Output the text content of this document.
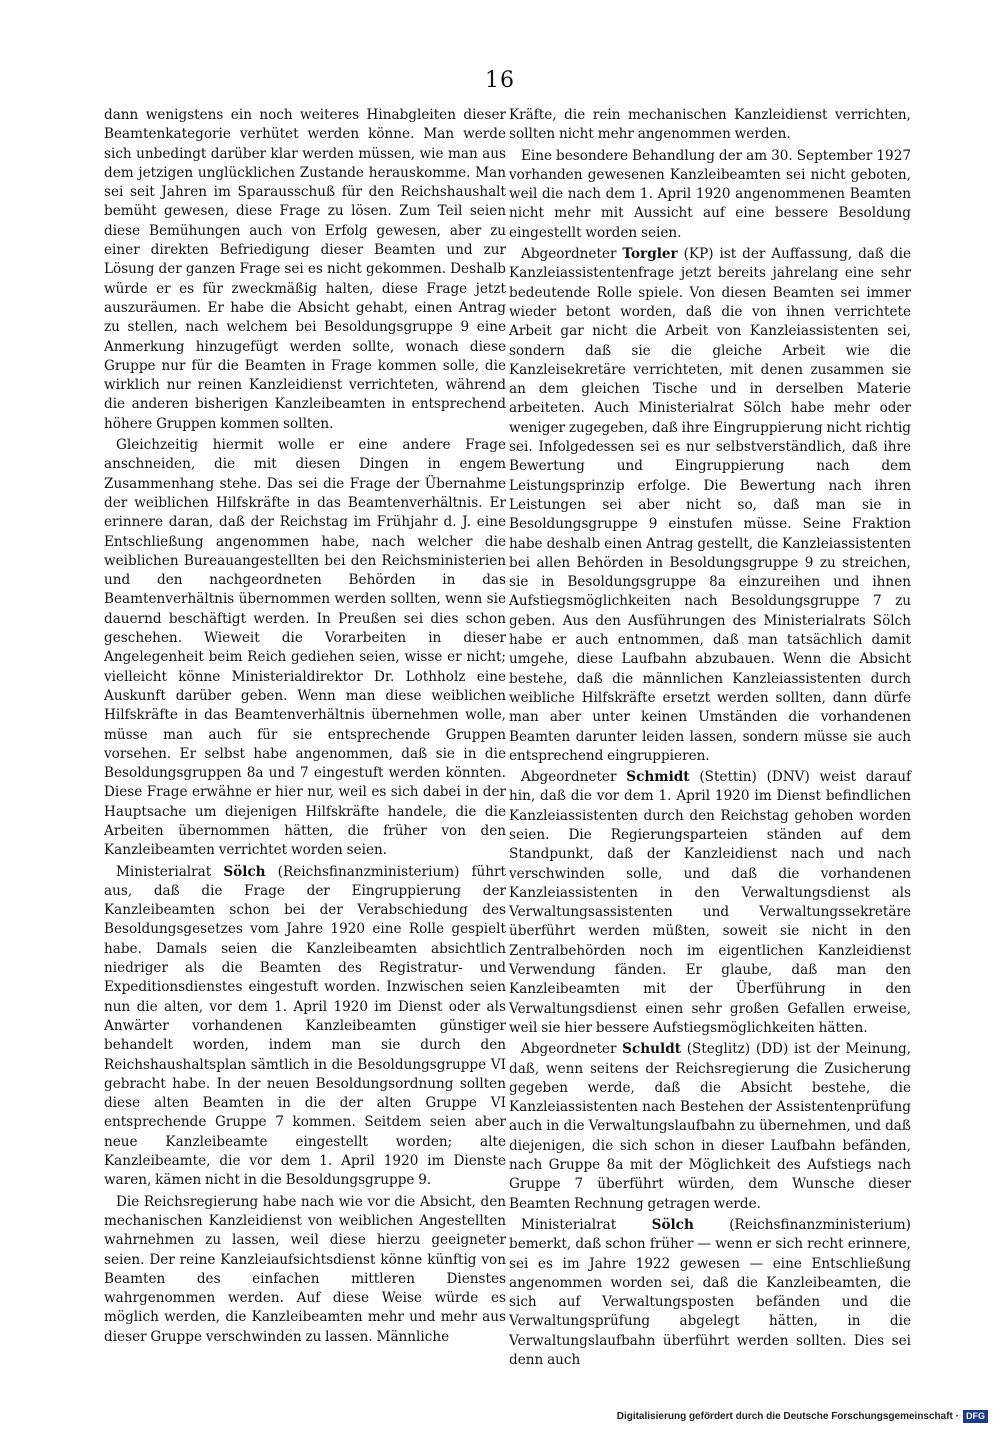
16

dann wenigstens ein noch weiteres Hinabgleiten dieser Beamtenkategorie verhütet werden könne. Man werde sich unbedingt darüber klar werden müssen, wie man aus dem jetzigen unglücklichen Zustande herauskomme. Man sei seit Jahren im Sparausschuß für den Reichshaushalt bemüht gewesen, diese Frage zu lösen. Zum Teil seien diese Bemühungen auch von Erfolg gewesen, aber zu einer direkten Befriedigung dieser Beamten und zur Lösung der ganzen Frage sei es nicht gekommen. Deshalb würde er es für zweckmäßig halten, diese Frage jetzt auszuräumen. Er habe die Absicht gehabt, einen Antrag zu stellen, nach welchem bei Besoldungsgruppe 9 eine Anmerkung hinzugefügt werden sollte, wonach diese Gruppe nur für die Beamten in Frage kommen solle, die wirklich nur reinen Kanzleidienst verrichteten, während die anderen bisherigen Kanzleibeamten in entsprechend höhere Gruppen kommen sollten.

Gleichzeitig hiermit wolle er eine andere Frage anschneiden, die mit diesen Dingen in engem Zusammenhang stehe. Das sei die Frage der Übernahme der weiblichen Hilfskräfte in das Beamtenverhältnis. Er erinnere daran, daß der Reichstag im Frühjahr d. J. eine Entschließung angenommen habe, nach welcher die weiblichen Bureauangestellten bei den Reichsministerien und den nachgeordneten Behörden in das Beamtenverhältnis übernommen werden sollten, wenn sie dauernd beschäftigt werden. In Preußen sei dies schon geschehen. Wieweit die Vorarbeiten in dieser Angelegenheit beim Reich gediehen seien, wisse er nicht; vielleicht könne Ministerialdirektor Dr. Lothholz eine Auskunft darüber geben. Wenn man diese weiblichen Hilfskräfte in das Beamtenverhältnis übernehmen wolle, müsse man auch für sie entsprechende Gruppen vorsehen. Er selbst habe angenommen, daß sie in die Besoldungsgruppen 8a und 7 eingestuft werden könnten. Diese Frage erwähne er hier nur, weil es sich dabei in der Hauptsache um diejenigen Hilfskräfte handele, die die Arbeiten übernommen hätten, die früher von den Kanzleibeamten verrichtet worden seien.

Ministerialrat Sölch (Reichsfinanzministerium) führt aus, daß die Frage der Eingruppierung der Kanzleibeamten schon bei der Verabschiedung des Besoldungsgesetzes vom Jahre 1920 eine Rolle gespielt habe. Damals seien die Kanzleibeamten absichtlich niedriger als die Beamten des Registratur- und Expeditionsdienstes eingestuft worden. Inzwischen seien nun die alten, vor dem 1. April 1920 im Dienst oder als Anwärter vorhandenen Kanzleibeamten günstiger behandelt worden, indem man sie durch den Reichshaushaltsplan sämtlich in die Besoldungsgruppe VI gebracht habe. In der neuen Besoldungsordnung sollten diese alten Beamten in die der alten Gruppe VI entsprechende Gruppe 7 kommen. Seitdem seien aber neue Kanzleibeamte eingestellt worden; alte Kanzleibeamte, die vor dem 1. April 1920 im Dienste waren, kämen nicht in die Besoldungsgruppe 9.

Die Reichsregierung habe nach wie vor die Absicht, den mechanischen Kanzleidienst von weiblichen Angestellten wahrnehmen zu lassen, weil diese hierzu geeigneter seien. Der reine Kanzleiaufsichtsdienst könne künftig von Beamten des einfachen mittleren Dienstes wahrgenommen werden. Auf diese Weise würde es möglich werden, die Kanzleibeamten mehr und mehr aus dieser Gruppe verschwinden zu lassen. Männliche

Kräfte, die rein mechanischen Kanzleidienst verrichten, sollten nicht mehr angenommen werden.

Eine besondere Behandlung der am 30. September 1927 vorhanden gewesenen Kanzleibeamten sei nicht geboten, weil die nach dem 1. April 1920 angenommenen Beamten nicht mehr mit Aussicht auf eine bessere Besoldung eingestellt worden seien.

Abgeordneter Torgler (KP) ist der Auffassung, daß die Kanzleiassistentenfrage jetzt bereits jahrelang eine sehr bedeutende Rolle spiele. Von diesen Beamten sei immer wieder betont worden, daß die von ihnen verrichtete Arbeit gar nicht die Arbeit von Kanzleiassistenten sei, sondern daß sie die gleiche Arbeit wie die Kanzleisekretäre verrichteten, mit denen zusammen sie an dem gleichen Tische und in derselben Materie arbeiteten. Auch Ministerialrat Sölch habe mehr oder weniger zugegeben, daß ihre Eingruppierung nicht richtig sei. Infolgedessen sei es nur selbstverständlich, daß ihre Bewertung und Eingruppierung nach dem Leistungsprinzip erfolge. Die Bewertung nach ihren Leistungen sei aber nicht so, daß man sie in Besoldungsgruppe 9 einstufen müsse. Seine Fraktion habe deshalb einen Antrag gestellt, die Kanzleiassistenten bei allen Behörden in Besoldungsgruppe 9 zu streichen, sie in Besoldungsgruppe 8a einzureihen und ihnen Aufstiegsmöglichkeiten nach Besoldungsgruppe 7 zu geben. Aus den Ausführungen des Ministerialrats Sölch habe er auch entnommen, daß man tatsächlich damit umgehe, diese Laufbahn abzubauen. Wenn die Absicht bestehe, daß die männlichen Kanzleiassistenten durch weibliche Hilfskräfte ersetzt werden sollten, dann dürfe man aber unter keinen Umständen die vorhandenen Beamten darunter leiden lassen, sondern müsse sie auch entsprechend eingruppieren.

Abgeordneter Schmidt (Stettin) (DNV) weist darauf hin, daß die vor dem 1. April 1920 im Dienst befindlichen Kanzleiassistenten durch den Reichstag gehoben worden seien. Die Regierungsparteien ständen auf dem Standpunkt, daß der Kanzleidienst nach und nach verschwinden solle, und daß die vorhandenen Kanzleiassistenten in den Verwaltungsdienst als Verwaltungsassistenten und Verwaltungssekretäre überführt werden müßten, soweit sie nicht in den Zentralbehörden noch im eigentlichen Kanzleidienst Verwendung fänden. Er glaube, daß man den Kanzleibeamten mit der Überführung in den Verwaltungsdienst einen sehr großen Gefallen erweise, weil sie hier bessere Aufstiegsmöglichkeiten hätten.

Abgeordneter Schuldt (Steglitz) (DD) ist der Meinung, daß, wenn seitens der Reichsregierung die Zusicherung gegeben werde, daß die Absicht bestehe, die Kanzleiassistenten nach Bestehen der Assistentenprüfung auch in die Verwaltungslaufbahn zu übernehmen, und daß diejenigen, die sich schon in dieser Laufbahn befänden, nach Gruppe 8a mit der Möglichkeit des Aufstiegs nach Gruppe 7 überführt würden, dem Wunsche dieser Beamten Rechnung getragen werde.

Ministerialrat	Sölch	(Reichsfinanzministerium) bemerkt, daß schon früher — wenn er sich recht erinnere, sei es im Jahre 1922 gewesen — eine Entschließung angenommen worden sei, daß die Kanzleibeamten, die sich auf Verwaltungsposten befänden und die Verwaltungsprüfung abgelegt hätten, in die Verwaltungslaufbahn überführt werden sollten. Dies sei denn auch

Digitalisierung gefördert durch die Deutsche Forschungsgemeinschaft · DFG
